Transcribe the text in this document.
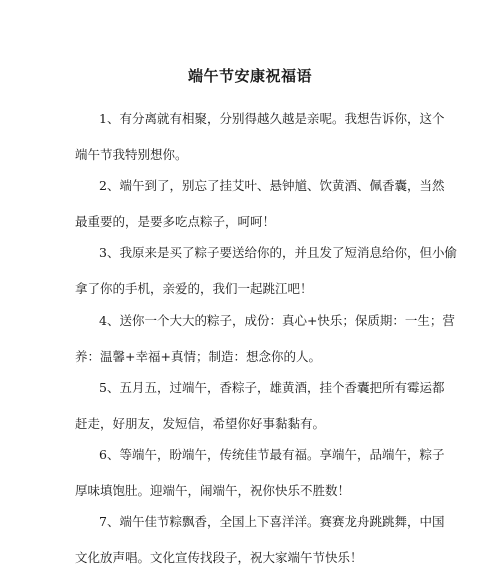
端午节安康祝福语
1、有分离就有相聚，分别得越久越是亲呢。我想告诉你，这个
端午节我特别想你。
2、端午到了，别忘了挂艾叶、悬钟馗、饮黄酒、佩香囊，当然
最重要的，是要多吃点粽子，呵呵！
3、我原来是买了粽子要送给你的，并且发了短消息给你，但小偷
拿了你的手机，亲爱的，我们一起跳江吧！
4、送你一个大大的粽子，成份：真心+快乐；保质期：一生；营
养：温馨+幸福+真情；制造：想念你的人。
5、五月五，过端午，香粽子，雄黄酒，挂个香囊把所有霉运都
赶走，好朋友，发短信，希望你好事黏黏有。
6、等端午，盼端午，传统佳节最有福。享端午，品端午，粽子
厚味填饱肚。迎端午，闹端午，祝你快乐不胜数！
7、端午佳节粽飘香，全国上下喜洋洋。赛赛龙舟跳跳舞，中国
文化放声唱。文化宣传找段子，祝大家端午节快乐！
